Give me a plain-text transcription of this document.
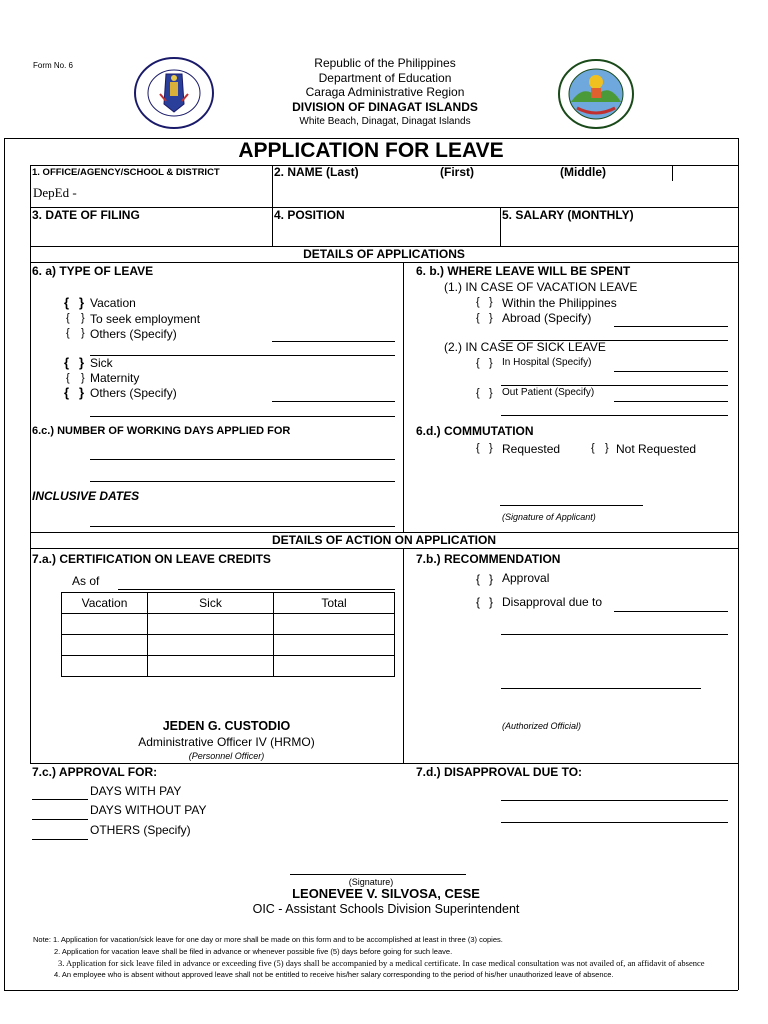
Form No. 6	Republic of the Philippines
Department of Education
Caraga Administrative Region
DIVISION OF DINAGAT ISLANDS
White Beach, Dinagat, Dinagat Islands
APPLICATION FOR LEAVE
1. OFFICE/AGENCY/SCHOOL & DISTRICT
DepEd -
2. NAME (Last)	(First)	(Middle)
3. DATE OF FILING	4. POSITION	5. SALARY (MONTHLY)
DETAILS OF APPLICATIONS
6. a) TYPE OF LEAVE
{ } Vacation
{ } To seek employment
{ } Others (Specify)
{ } Sick
{ } Maternity
{ } Others (Specify)
6. b.) WHERE LEAVE WILL BE SPENT
(1.) IN CASE OF VACATION LEAVE
{ } Within the Philippines
{ } Abroad (Specify)
(2.) IN CASE OF SICK LEAVE
{ } In Hospital (Specify)
{ } Out Patient (Specify)
6.c.) NUMBER OF WORKING DAYS APPLIED FOR
INCLUSIVE DATES
6.d.) COMMUTATION
{ } Requested	{ } Not Requested
(Signature of Applicant)
DETAILS OF ACTION ON APPLICATION
7.a.) CERTIFICATION ON LEAVE CREDITS
As of
Vacation	Sick	Total

JEDEN G. CUSTODIO
Administrative Officer IV (HRMO)
(Personnel Officer)
7.b.) RECOMMENDATION
{ } Approval
{ } Disapproval due to
(Authorized Official)
7.c.) APPROVAL FOR:
DAYS WITH PAY
DAYS WITHOUT PAY
OTHERS (Specify)
7.d.) DISAPPROVAL DUE TO:
(Signature)
LEONEVEE V. SILVOSA, CESE
OIC - Assistant Schools Division Superintendent
Note: 1. Application for vacation/sick leave for one day or more shall be made on this form and to be accomplished at least in three (3) copies.
2. Application for vacation leave shall be filed in advance or whenever possible five (5) days before going for such leave.
3. Application for sick leave filed in advance or exceeding five (5) days shall be accompanied by a medical certificate. In case medical consultation was not availed of, an affidavit of absence
4. An employee who is absent without approved leave shall not be entitled to receive his/her salary corresponding to the period of his/her unauthorized leave of absence.
